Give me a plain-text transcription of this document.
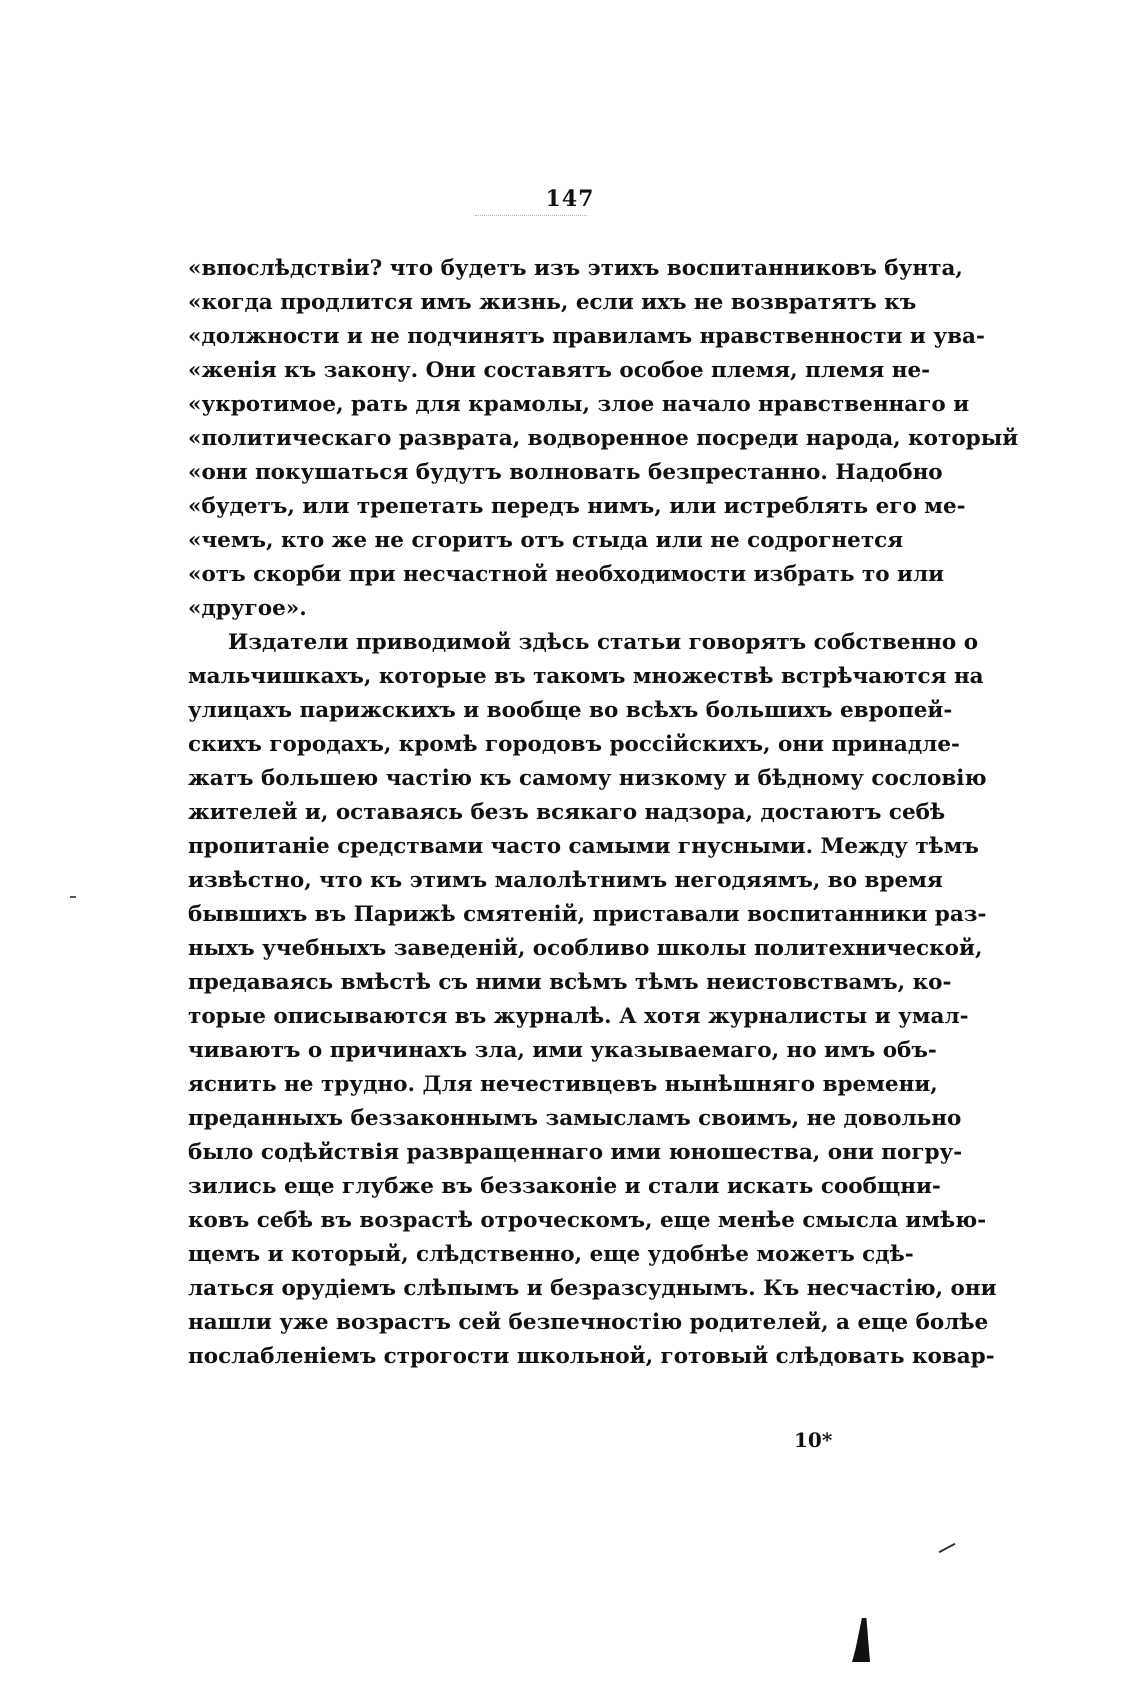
147
«впослѣдствіи? что будетъ изъ этихъ воспитанниковъ бунта,
«когда продлится имъ жизнь, если ихъ не возвратятъ къ
«должности и не подчинятъ правиламъ нравственности и ува-
«женія къ закону. Они составятъ особое племя, племя не-
«укротимое, рать для крамолы, злое начало нравственнаго и
«политическаго разврата, водворенное посреди народа, который
«они покушаться будутъ волновать безпрестанно. Надобно
«будетъ, или трепетать передъ нимъ, или истреблять его ме-
«чемъ, кто же не сгоритъ отъ стыда или не содрогнется
«отъ скорби при несчастной необходимости избрать то или
«другое».
Издатели приводимой здѣсь статьи говорятъ собственно о
мальчишкахъ, которые въ такомъ множествѣ встрѣчаются на
улицахъ парижскихъ и вообще во всѣхъ большихъ европей-
скихъ городахъ, кромѣ городовъ россійскихъ, они принадле-
жатъ большею частію къ самому низкому и бѣдному сословію
жителей и, оставаясь безъ всякаго надзора, достаютъ себѣ
пропитаніе средствами часто самыми гнусными. Между тѣмъ
извѣстно, что къ этимъ малолѣтнимъ негодяямъ, во время
бывшихъ въ Парижѣ смятеній, приставали воспитанники раз-
ныхъ учебныхъ заведеній, особливо школы политехнической,
предаваясь вмѣстѣ съ ними всѣмъ тѣмъ неистовствамъ, ко-
торые описываются въ журналѣ. А хотя журналисты и умал-
чиваютъ о причинахъ зла, ими указываемаго, но имъ объ-
яснить не трудно. Для нечестивцевъ нынѣшняго времени,
преданныхъ беззаконнымъ замысламъ своимъ, не довольно
было содѣйствія развращеннаго ими юношества, они погру-
зились еще глубже въ беззаконіе и стали искать сообщни-
ковъ себѣ въ возрастѣ отроческомъ, еще менѣе смысла имѣю-
щемъ и который, слѣдственно, еще удобнѣе можетъ сдѣ-
латься орудіемъ слѣпымъ и безразсуднымъ. Къ несчастію, они
нашли уже возрастъ сей безпечностію родителей, а еще болѣе
послабленіемъ строгости школьной, готовый слѣдовать ковар-
10*
